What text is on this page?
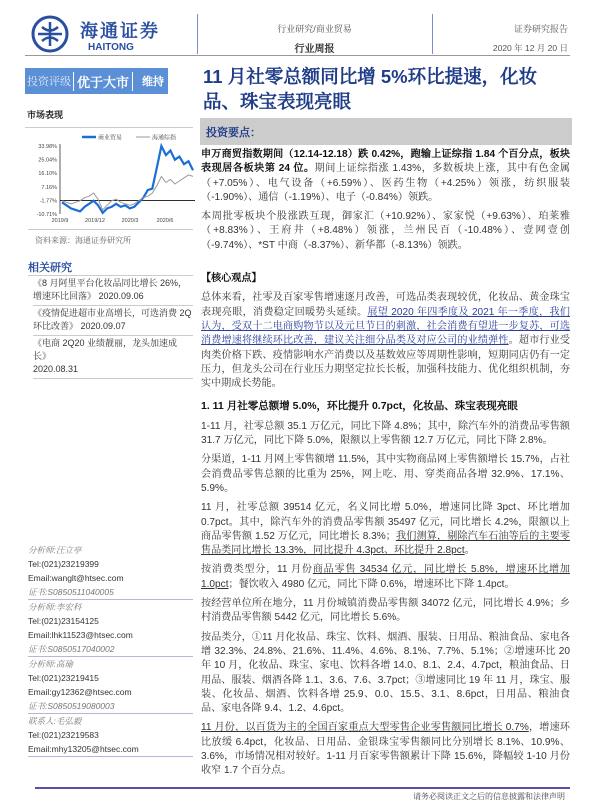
海通证券
HAITONG
行业研究/商业贸易
行业周报
证券研究报告
2020 年 12 月 20 日
投资评级 优于大市	维持
市场表现
商业贸易	海通综指
33.98%
25.04%
16.10%
7.16%
-1.77%
-10.71%
2019/9	2019/12	2020/3	2020/6
资料来源：海通证券研究所
相关研究
《8 月阿里平台化妆品同比增长 26%，增速环比回落》 2020.09.06
《疫情促进超市业高增长，可选消费 2Q 环比改善》 2020.09.07
《电商 2Q20 业绩靓丽，龙头加速成长》
2020.08.31
分析师:汪立亭
Tel:(021)23219399
Email:wanglt@htsec.com
证书:S0850511040005
分析师:李宏科
Tel:(021)23154125
Email:lhk11523@htsec.com
证书:S0850517040002
分析师:高瑜
Tel:(021)23219415
Email:gy12362@htsec.com
证书:S0850519080003
联系人:毛弘毅
Tel:(021)23219583
Email:mhy13205@htsec.com
11 月社零总额同比增 5%环比提速，化妆品、珠宝表现亮眼
投资要点：
申万商贸指数期间（12.14-12.18）跌 0.42%，跑输上证综指 1.84 个百分点，板块表现居各板块第 24 位。期间上证综指涨 1.43%，多数板块上涨，其中有色金属（+7.05%）、电气设备（+6.59%）、医药生物（+4.25%）领涨，纺织服装（-1.90%）、通信（-1.19%）、电子（-0.84%）领跌。
本周批零板块个股涨跌互现，御家汇（+10.92%）、家家悦（+9.63%）、珀莱雅（+8.83%）、王府井（+8.48%）领涨，兰州民百（-10.48%）、壹网壹创（-9.74%）、*ST 中商（-8.37%）、新华都（-8.13%）领跌。
【核心观点】
总体来看，社零及百家零售增速逐月改善，可选品类表现较优，化妆品、黄金珠宝表现亮眼，消费稳定回暖势头延续。展望 2020 年四季度及 2021 年一季度，我们认为，受双十二电商购物节以及元旦节日的刺激，社会消费有望进一步复苏，可选消费增速将继续环比改善，建议关注细分品类及对应公司的业绩弹性。超市行业受肉类价格下跌、疫情影响水产消费以及基数效应等周期性影响，短期同店仍有一定压力，但龙头公司在行业压力期坚定拉长长板，加强科技能力、优化组织机制，夯实中期成长势能。
1. 11 月社零总额增 5.0%，环比提升 0.7pct，化妆品、珠宝表现亮眼
1-11 月，社零总额 35.1 万亿元，同比下降 4.8%；其中，除汽车外的消费品零售额 31.7 万亿元，同比下降 5.0%，限额以上零售额 12.7 万亿元，同比下降 2.8%。
分渠道，1-11 月网上零售额增 11.5%，其中实物商品网上零售额增长 15.7%，占社会消费品零售总额的比重为 25%，网上吃、用、穿类商品各增 32.9%、17.1%、5.9%。
11 月，社零总额 39514 亿元，名义同比增 5.0%，增速同比降 3pct、环比增加 0.7pct。其中，除汽车外的消费品零售额 35497 亿元，同比增长 4.2%，限额以上商品零售额 1.52 万亿元，同比增长 8.3%；我们测算，剔除汽车石油等后的主要零售品类同比增长 13.3%，同比提升 4.3pct、环比提升 2.8pct。
按消费类型分，11 月份商品零售 34534 亿元，同比增长 5.8%，增速环比增加 1.0pct；餐饮收入 4980 亿元，同比下降 0.6%，增速环比下降 1.4pct。
按经营单位所在地分，11 月份城镇消费品零售额 34072 亿元，同比增长 4.9%；乡村消费品零售额 5442 亿元，同比增长 5.6%。
按品类分，①11 月化妆品、珠宝、饮料、烟酒、服装、日用品、粮油食品、家电各增 32.3%、24.8%、21.6%、11.4%、4.6%、8.1%、7.7%、5.1%；②增速环比 20 年 10 月，化妆品、珠宝、家电、饮料各增 14.0、8.1、2.4、4.7pct，粮油食品、日用品、服装、烟酒各降 1.1、3.6、7.6、3.7pct；③增速同比 19 年 11 月，珠宝、服装、化妆品、烟酒、饮料各增 25.9、0.0、15.5、3.1、8.6pct，日用品、粮油食品、家电各降 9.4、1.2、4.6pct。
11 月份，以百货为主的全国百家重点大型零售企业零售额同比增长 0.7%，增速环比放缓 6.4pct，化妆品、日用品、金银珠宝零售额同比分别增长 8.1%、10.9%、3.6%，市场情况相对较好。1-11 月百家零售额累计下降 15.6%，降幅较 1-10 月份收窄 1.7 个百分点。
请务必阅读正文之后的信息披露和法律声明
